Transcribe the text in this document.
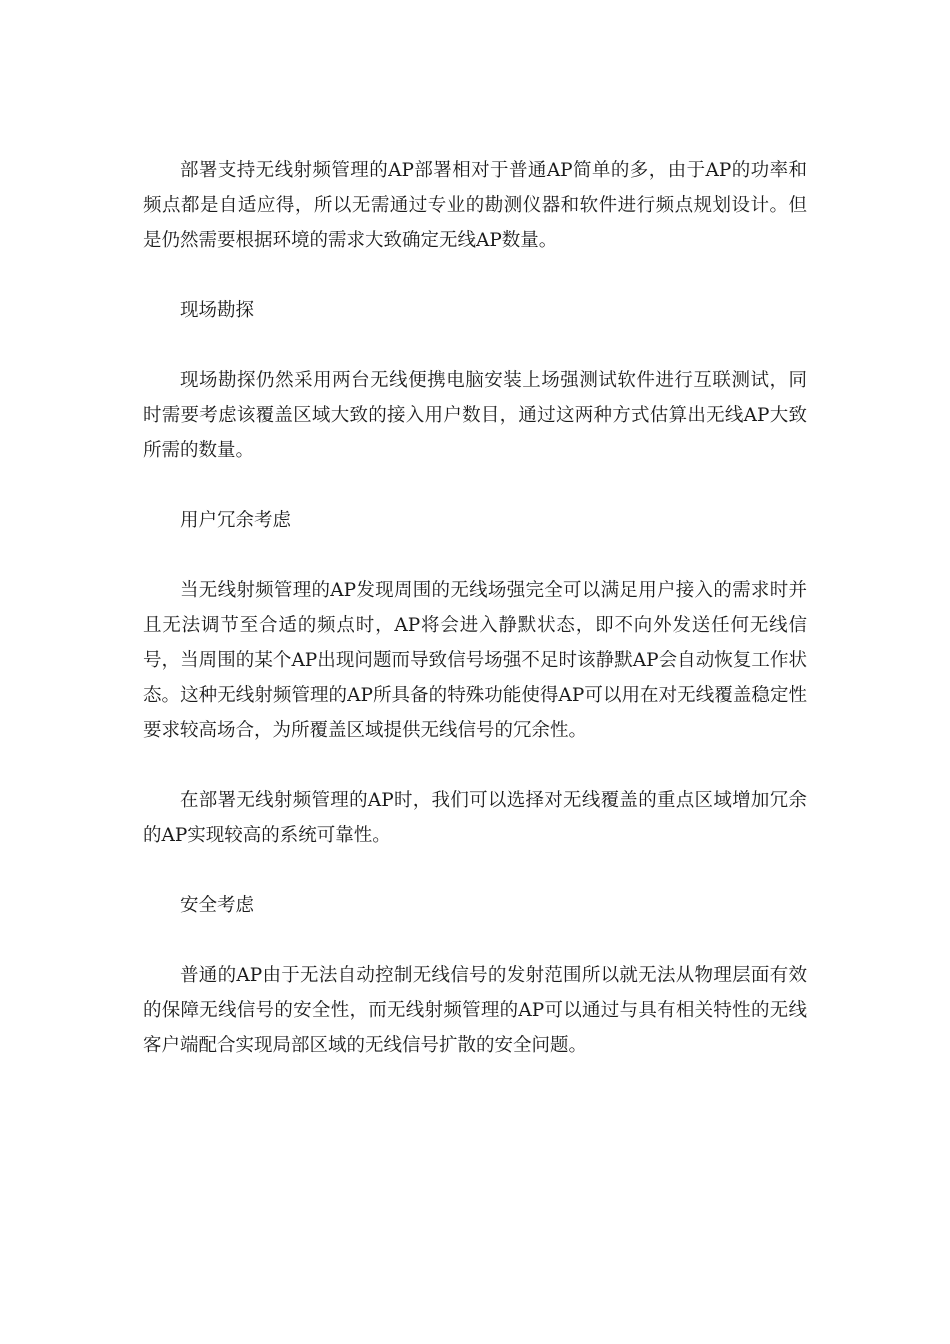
部署支持无线射频管理的AP部署相对于普通AP简单的多，由于AP的功率和频点都是自适应得，所以无需通过专业的勘测仪器和软件进行频点规划设计。但是仍然需要根据环境的需求大致确定无线AP数量。

现场勘探

现场勘探仍然采用两台无线便携电脑安装上场强测试软件进行互联测试，同时需要考虑该覆盖区域大致的接入用户数目，通过这两种方式估算出无线AP大致所需的数量。

用户冗余考虑

当无线射频管理的AP发现周围的无线场强完全可以满足用户接入的需求时并且无法调节至合适的频点时，AP将会进入静默状态，即不向外发送任何无线信号，当周围的某个AP出现问题而导致信号场强不足时该静默AP会自动恢复工作状态。这种无线射频管理的AP所具备的特殊功能使得AP可以用在对无线覆盖稳定性要求较高场合，为所覆盖区域提供无线信号的冗余性。

在部署无线射频管理的AP时，我们可以选择对无线覆盖的重点区域增加冗余的AP实现较高的系统可靠性。

安全考虑

普通的AP由于无法自动控制无线信号的发射范围所以就无法从物理层面有效的保障无线信号的安全性，而无线射频管理的AP可以通过与具有相关特性的无线客户端配合实现局部区域的无线信号扩散的安全问题。
